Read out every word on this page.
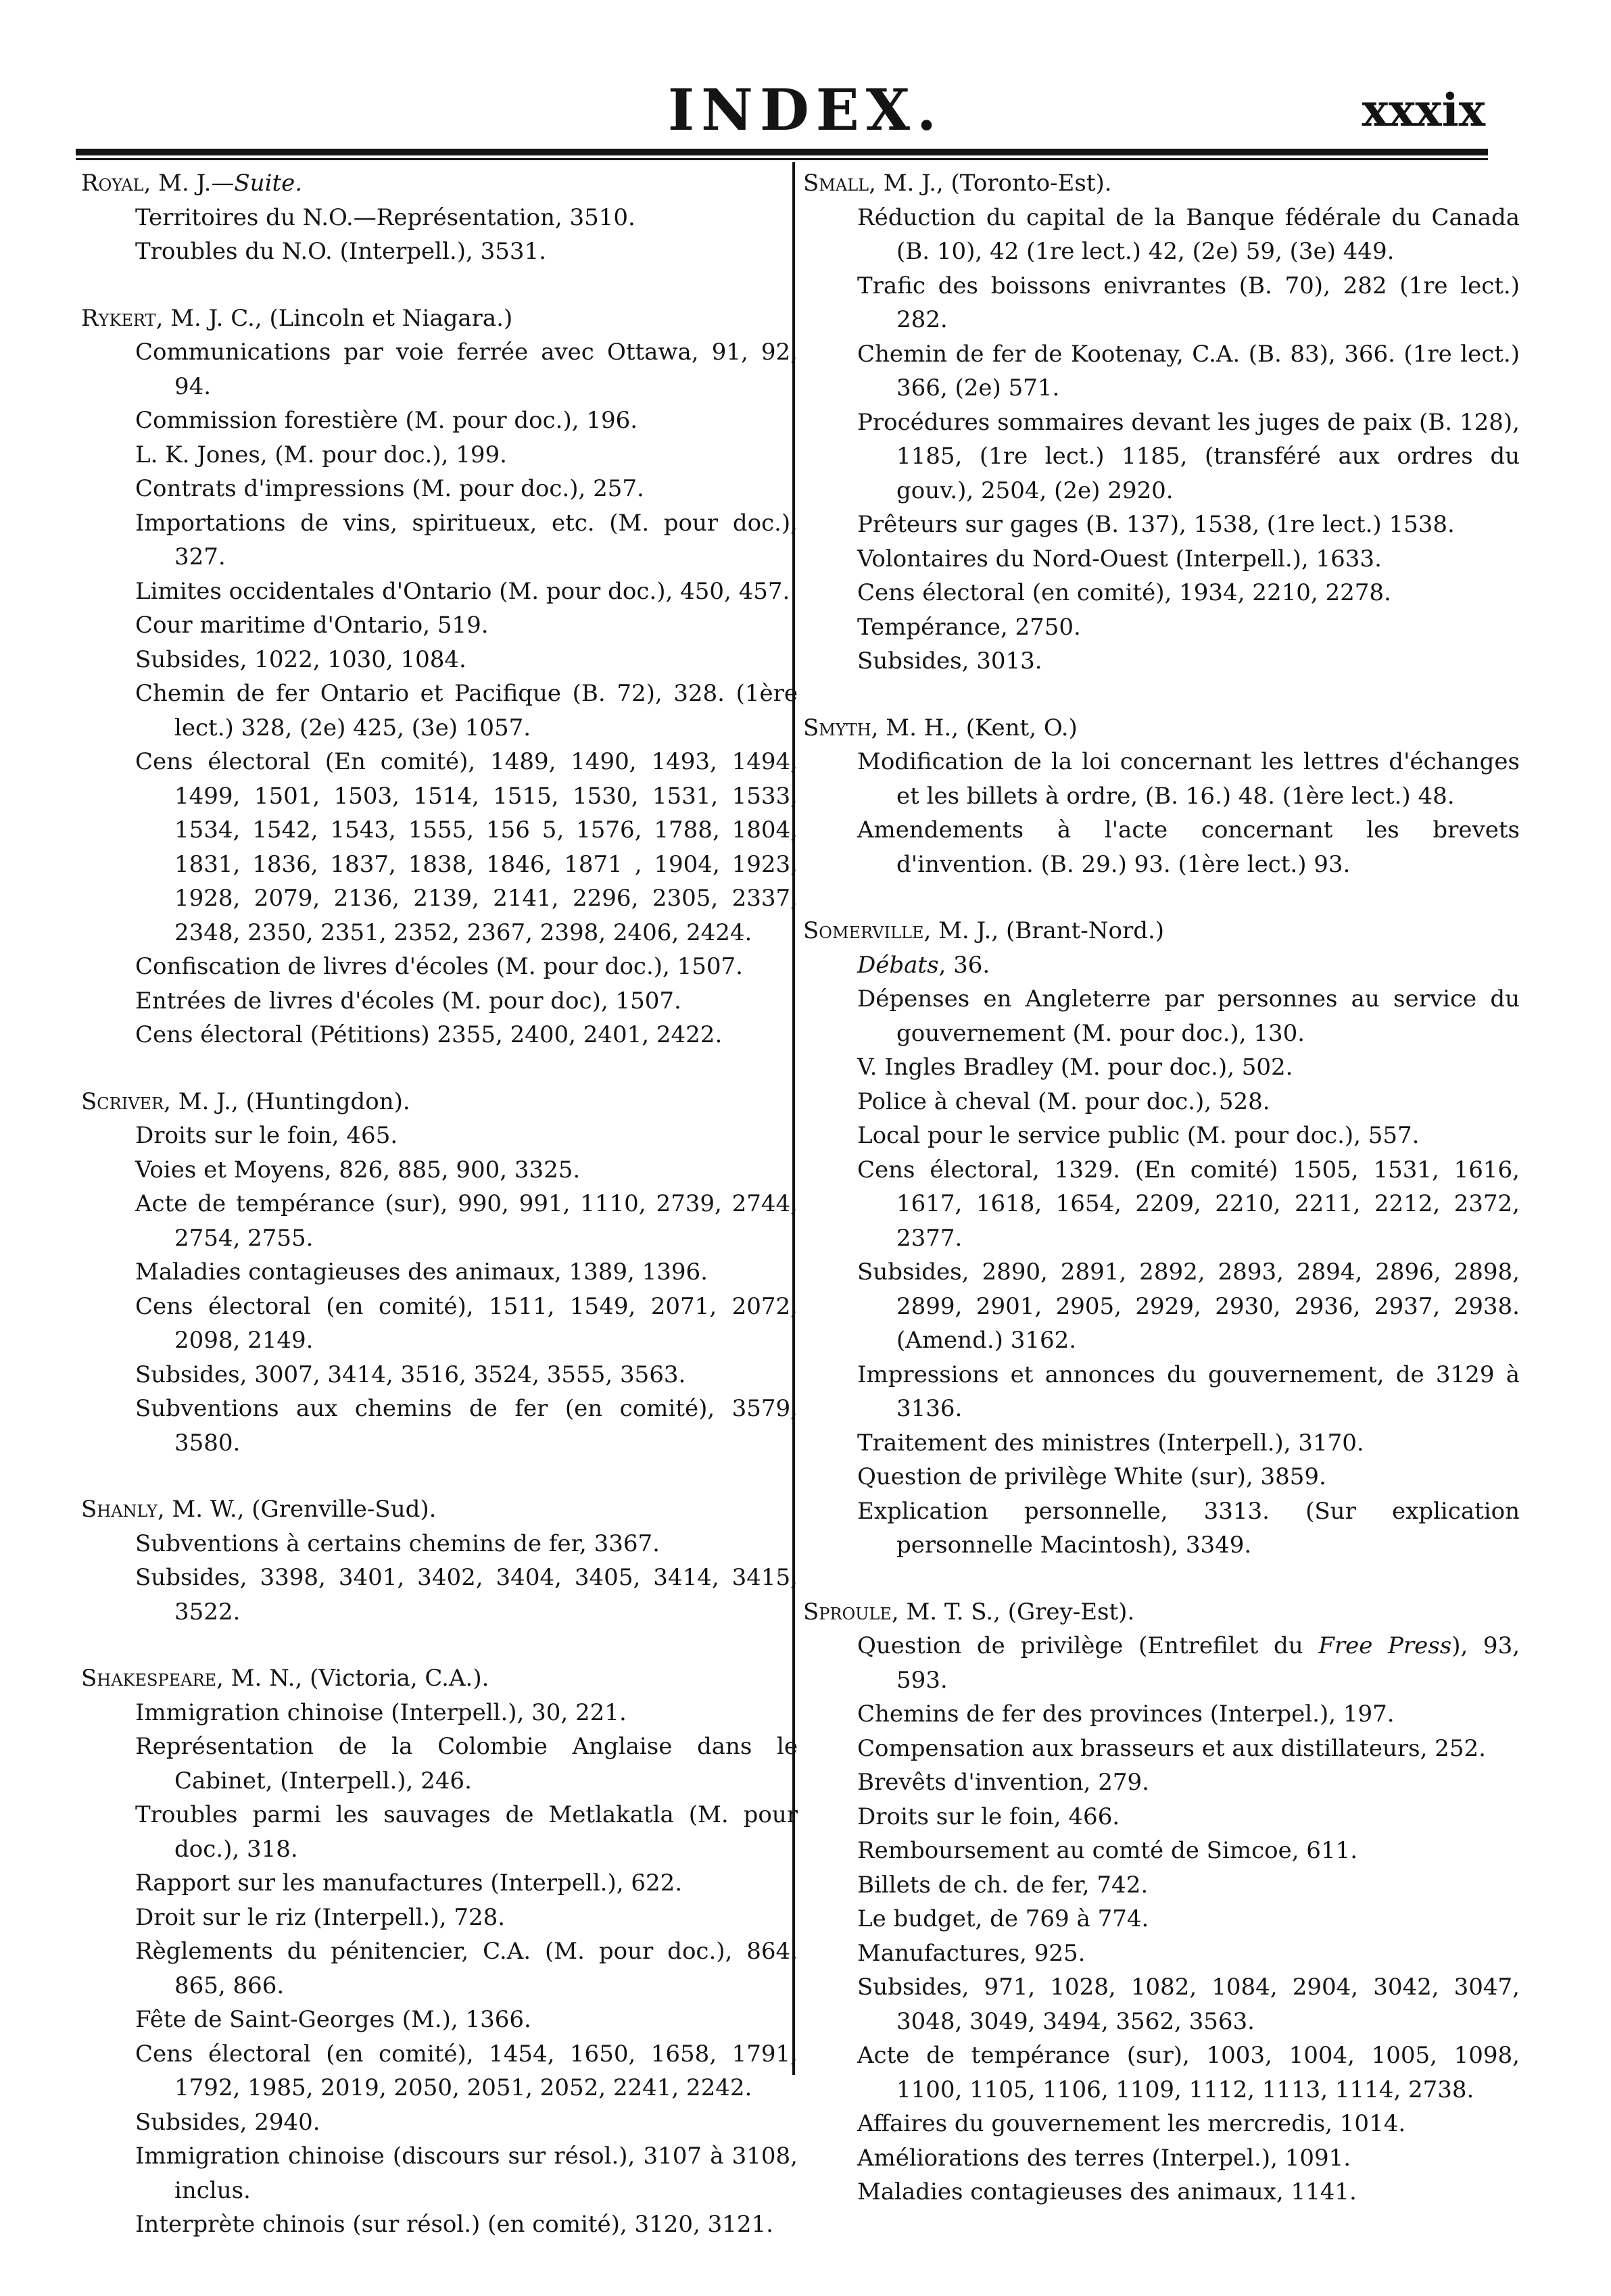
INDEX.	xxxix
Royal, M. J.—Suite.
Territoires du N.O.—Représentation, 3510.
Troubles du N.O. (Interpell.), 3531.
Rykert, M. J. C., (Lincoln et Niagara.)
Communications par voie ferrée avec Ottawa, 91, 92, 94.
Commission forestière (M. pour doc.), 196.
L. K. Jones, (M. pour doc.), 199.
Contrats d'impressions (M. pour doc.), 257.
Importations de vins, spiritueux, etc. (M. pour doc.), 327.
Limites occidentales d'Ontario (M. pour doc.), 450, 457.
Cour maritime d'Ontario, 519.
Subsides, 1022, 1030, 1084.
Chemin de fer Ontario et Pacifique (B. 72), 328. (1ère lect.) 328, (2e) 425, (3e) 1057.
Cens électoral (En comité), 1489, 1490, 1493, 1494, 1499, 1501, 1503, 1514, 1515, 1530, 1531, 1533, 1534, 1542, 1543, 1555, 156 5, 1576, 1788, 1804, 1831, 1836, 1837, 1838, 1846, 1871 , 1904, 1923, 1928, 2079, 2136, 2139, 2141, 2296, 2305, 2337, 2348, 2350, 2351, 2352, 2367, 2398, 2406, 2424.
Confiscation de livres d'écoles (M. pour doc.), 1507.
Entrées de livres d'écoles (M. pour doc), 1507.
Cens électoral (Pétitions) 2355, 2400, 2401, 2422.
Scriver, M. J., (Huntingdon).
Droits sur le foin, 465.
Voies et Moyens, 826, 885, 900, 3325.
Acte de tempérance (sur), 990, 991, 1110, 2739, 2744, 2754, 2755.
Maladies contagieuses des animaux, 1389, 1396.
Cens électoral (en comité), 1511, 1549, 2071, 2072, 2098, 2149.
Subsides, 3007, 3414, 3516, 3524, 3555, 3563.
Subventions aux chemins de fer (en comité), 3579, 3580.
Shanly, M. W., (Grenville-Sud).
Subventions à certains chemins de fer, 3367.
Subsides, 3398, 3401, 3402, 3404, 3405, 3414, 3415, 3522.
Shakespeare, M. N., (Victoria, C.A.).
Immigration chinoise (Interpell.), 30, 221.
Représentation de la Colombie Anglaise dans le Cabinet, (Interpell.), 246.
Troubles parmi les sauvages de Metlakatla (M. pour doc.), 318.
Rapport sur les manufactures (Interpell.), 622.
Droit sur le riz (Interpell.), 728.
Règlements du pénitencier, C.A. (M. pour doc.), 864. 865, 866.
Fête de Saint-Georges (M.), 1366.
Cens électoral (en comité), 1454, 1650, 1658, 1791, 1792, 1985, 2019, 2050, 2051, 2052, 2241, 2242.
Subsides, 2940.
Immigration chinoise (discours sur résol.), 3107 à 3108, inclus.
Interprète chinois (sur résol.) (en comité), 3120, 3121.
Small, M. J., (Toronto-Est).
Réduction du capital de la Banque fédérale du Canada (B. 10), 42 (1re lect.) 42, (2e) 59, (3e) 449.
Trafic des boissons enivrantes (B. 70), 282 (1re lect.) 282.
Chemin de fer de Kootenay, C.A. (B. 83), 366. (1re lect.) 366, (2e) 571.
Procédures sommaires devant les juges de paix (B. 128), 1185, (1re lect.) 1185, (transféré aux ordres du gouv.), 2504, (2e) 2920.
Prêteurs sur gages (B. 137), 1538, (1re lect.) 1538.
Volontaires du Nord-Ouest (Interpell.), 1633.
Cens électoral (en comité), 1934, 2210, 2278.
Tempérance, 2750.
Subsides, 3013.
Smyth, M. H., (Kent, O.)
Modification de la loi concernant les lettres d'échanges et les billets à ordre, (B. 16.) 48. (1ère lect.) 48.
Amendements à l'acte concernant les brevets d'invention. (B. 29.) 93. (1ère lect.) 93.
Somerville, M. J., (Brant-Nord.)
Débats, 36.
Dépenses en Angleterre par personnes au service du gouvernement (M. pour doc.), 130.
V. Ingles Bradley (M. pour doc.), 502.
Police à cheval (M. pour doc.), 528.
Local pour le service public (M. pour doc.), 557.
Cens électoral, 1329. (En comité) 1505, 1531, 1616, 1617, 1618, 1654, 2209, 2210, 2211, 2212, 2372, 2377.
Subsides, 2890, 2891, 2892, 2893, 2894, 2896, 2898, 2899, 2901, 2905, 2929, 2930, 2936, 2937, 2938. (Amend.) 3162.
Impressions et annonces du gouvernement, de 3129 à 3136.
Traitement des ministres (Interpell.), 3170.
Question de privilège White (sur), 3859.
Explication personnelle, 3313. (Sur explication personnelle Macintosh), 3349.
Sproule, M. T. S., (Grey-Est).
Question de privilège (Entrefilet du Free Press), 93, 593.
Chemins de fer des provinces (Interpel.), 197.
Compensation aux brasseurs et aux distillateurs, 252.
Brevêts d'invention, 279.
Droits sur le foin, 466.
Remboursement au comté de Simcoe, 611.
Billets de ch. de fer, 742.
Le budget, de 769 à 774.
Manufactures, 925.
Subsides, 971, 1028, 1082, 1084, 2904, 3042, 3047, 3048, 3049, 3494, 3562, 3563.
Acte de tempérance (sur), 1003, 1004, 1005, 1098, 1100, 1105, 1106, 1109, 1112, 1113, 1114, 2738.
Affaires du gouvernement les mercredis, 1014.
Améliorations des terres (Interpel.), 1091.
Maladies contagieuses des animaux, 1141.
